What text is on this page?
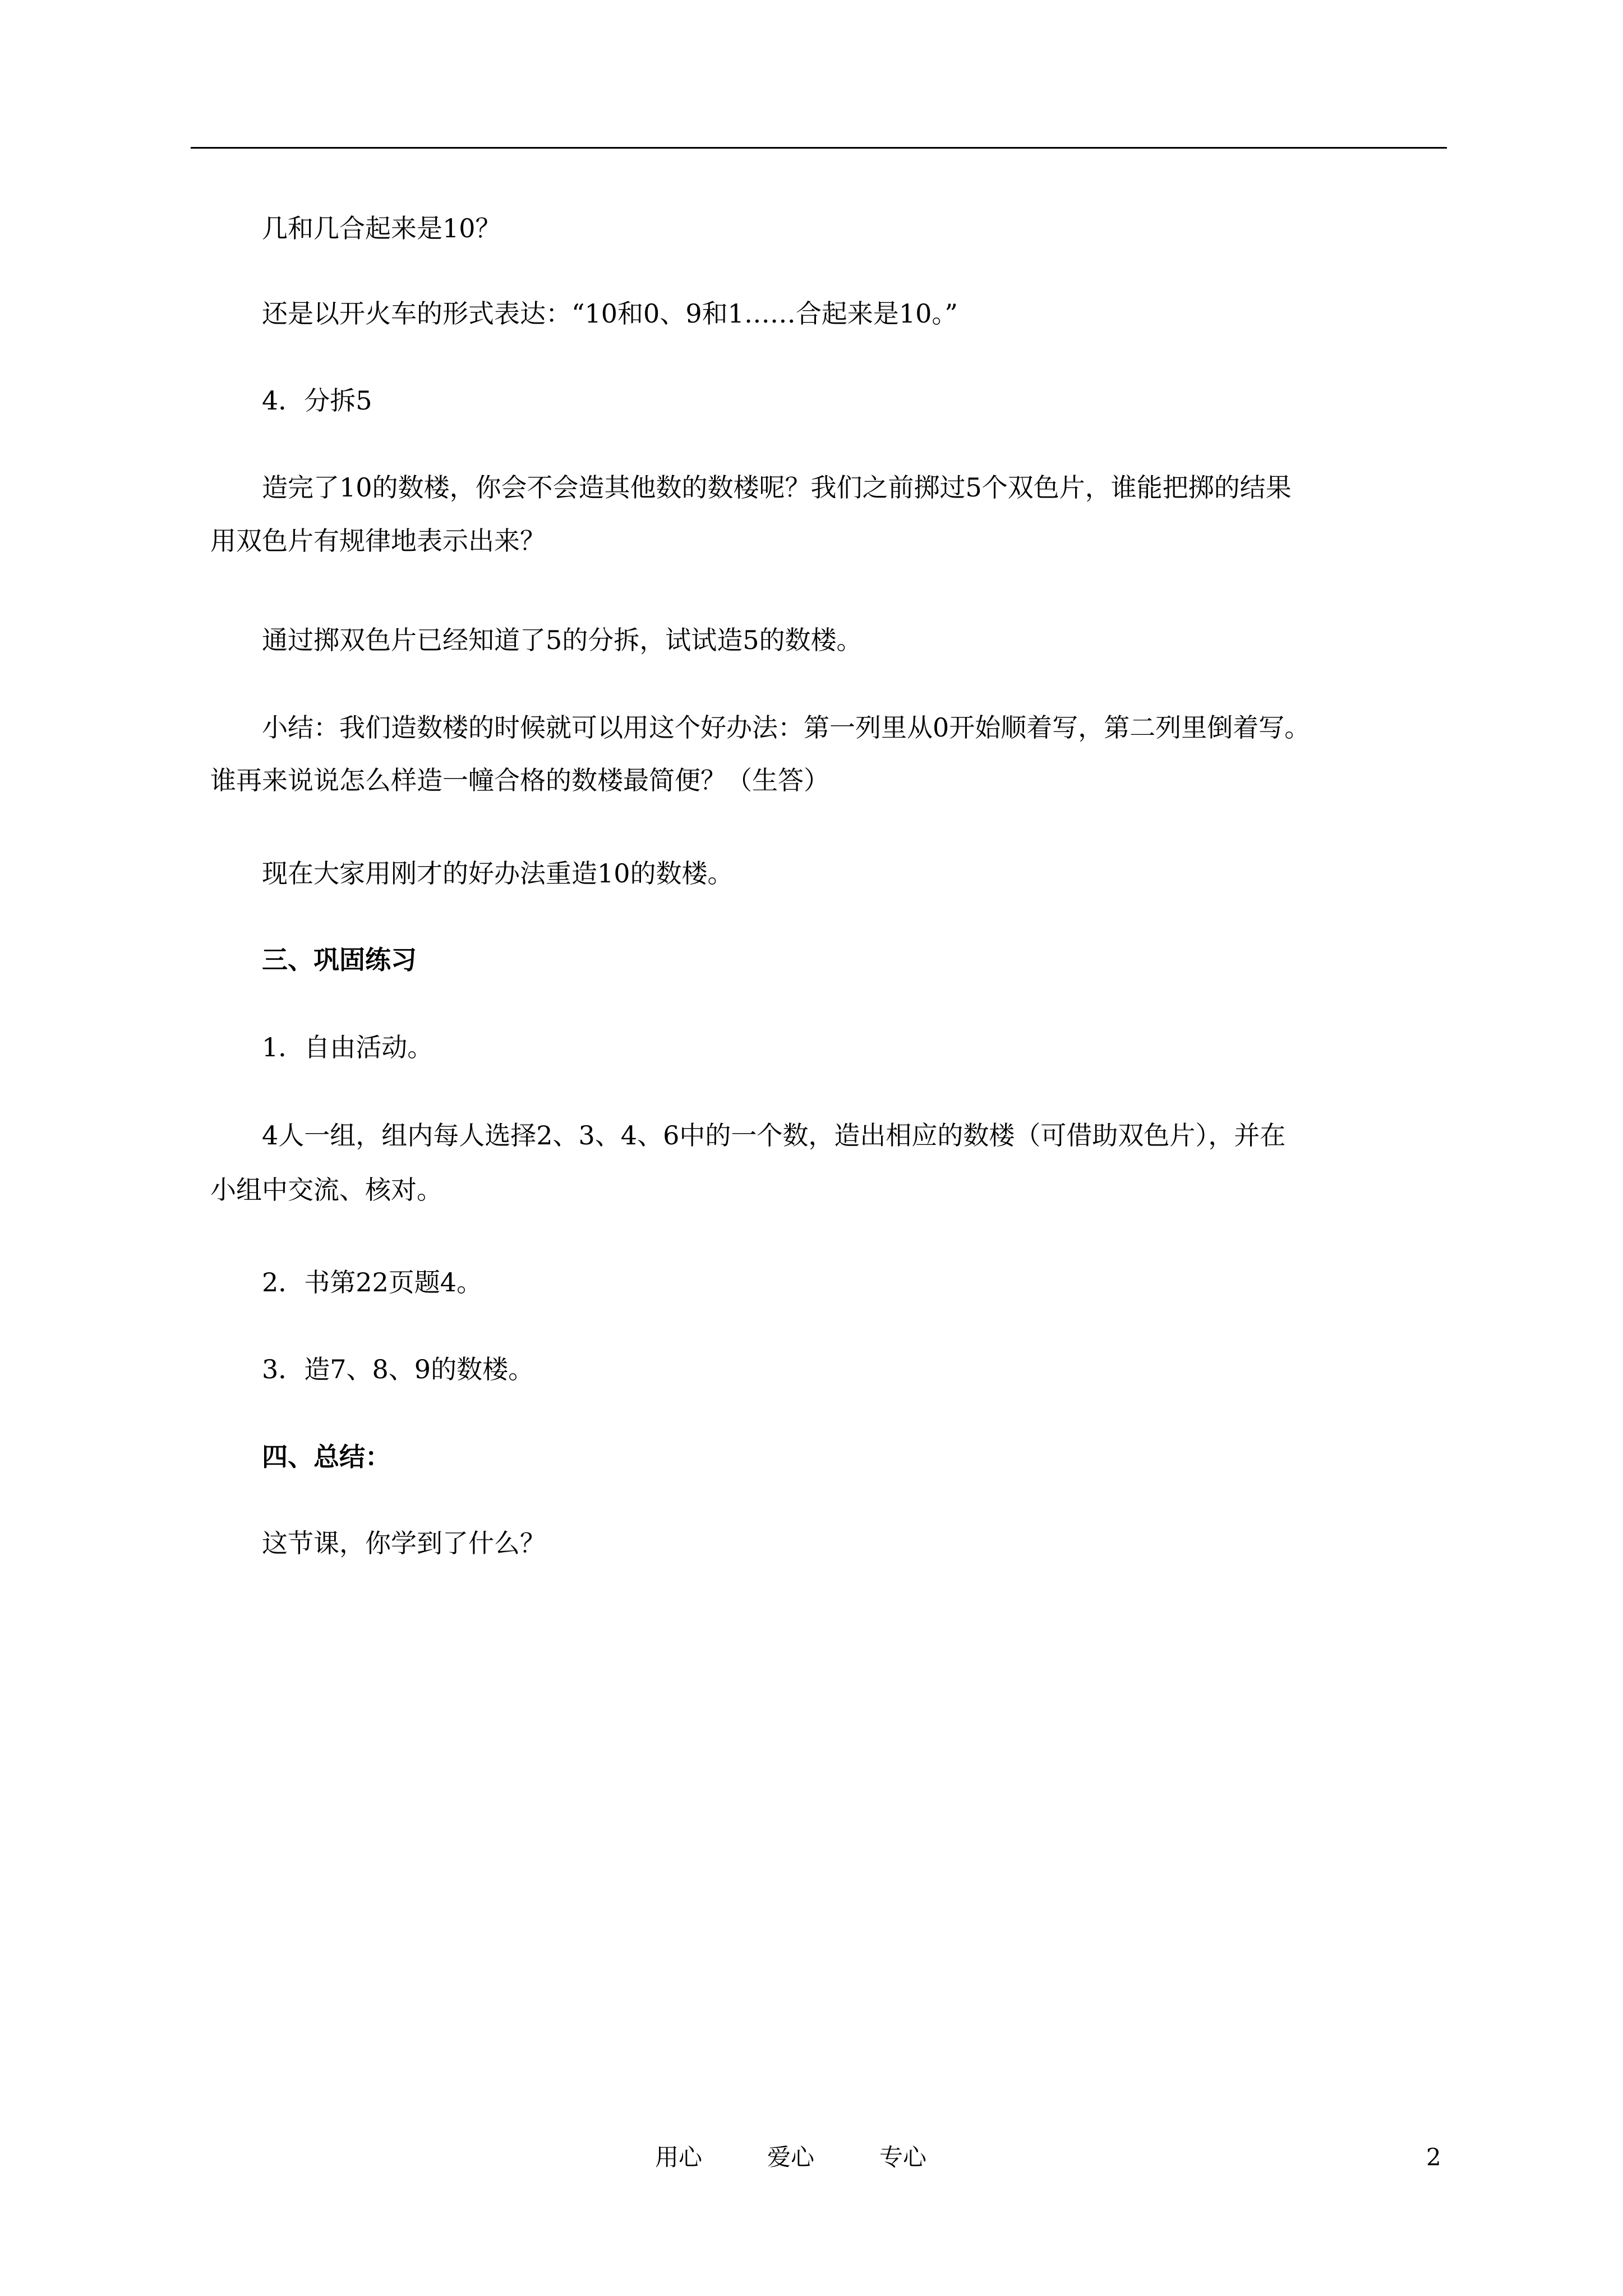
几和几合起来是10？
还是以开火车的形式表达：“10和0、9和1……合起来是10。”
4．分拆5
造完了10的数楼，你会不会造其他数的数楼呢？我们之前掷过5个双色片，谁能把掷的结果
用双色片有规律地表示出来？
通过掷双色片已经知道了5的分拆，试试造5的数楼。
小结：我们造数楼的时候就可以用这个好办法：第一列里从0开始顺着写，第二列里倒着写。
谁再来说说怎么样造一幢合格的数楼最简便？（生答）
现在大家用刚才的好办法重造10的数楼。
三、巩固练习
1．自由活动。
4人一组，组内每人选择2、3、4、6中的一个数，造出相应的数楼（可借助双色片），并在
小组中交流、核对。
2．书第22页题4。
3．造7、8、9的数楼。
四、总结：
这节课，你学到了什么？
用心	爱心	专心	2
